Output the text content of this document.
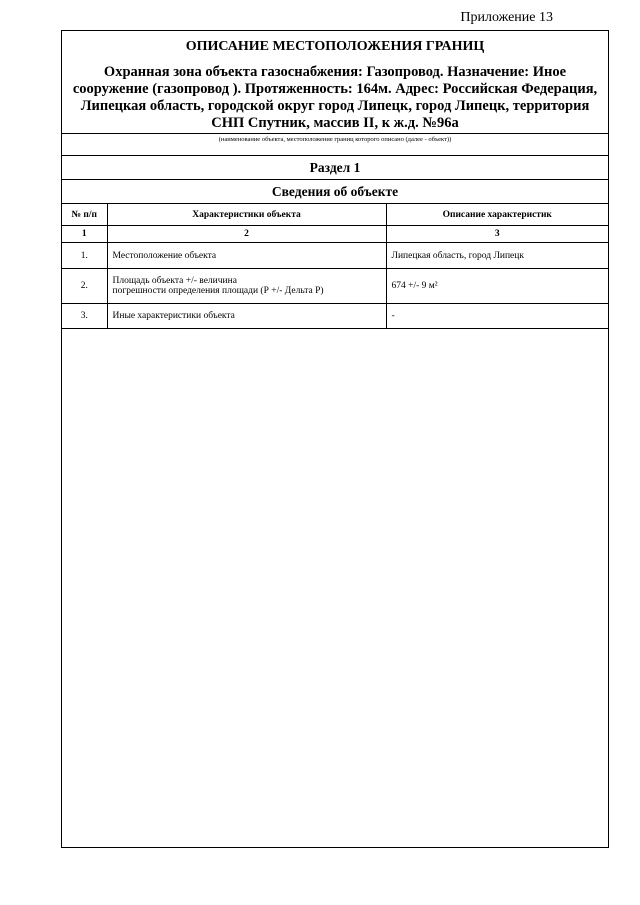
Приложение 13
ОПИСАНИЕ МЕСТОПОЛОЖЕНИЯ ГРАНИЦ
Охранная зона объекта газоснабжения: Газопровод. Назначение: Иное
сооружение (газопровод ). Протяженность: 164м. Адрес: Российская Федерация,
Липецкая область, городской округ город Липецк, город Липецк, территория
СНП Спутник, массив II, к ж.д. №96а
(наименование объекта, местоположение границ которого описано (далее - объект))
Раздел 1
Сведения об объекте
№ п/п	Характеристики объекта	Описание характеристик
1	2	3
1.	Местоположение объекта	Липецкая область, город Липецк
2.	Площадь объекта +/- величина
погрешности определения площади (Р +/- Дельта Р)	674 +/- 9 м²
3.	Иные характеристики объекта	-
